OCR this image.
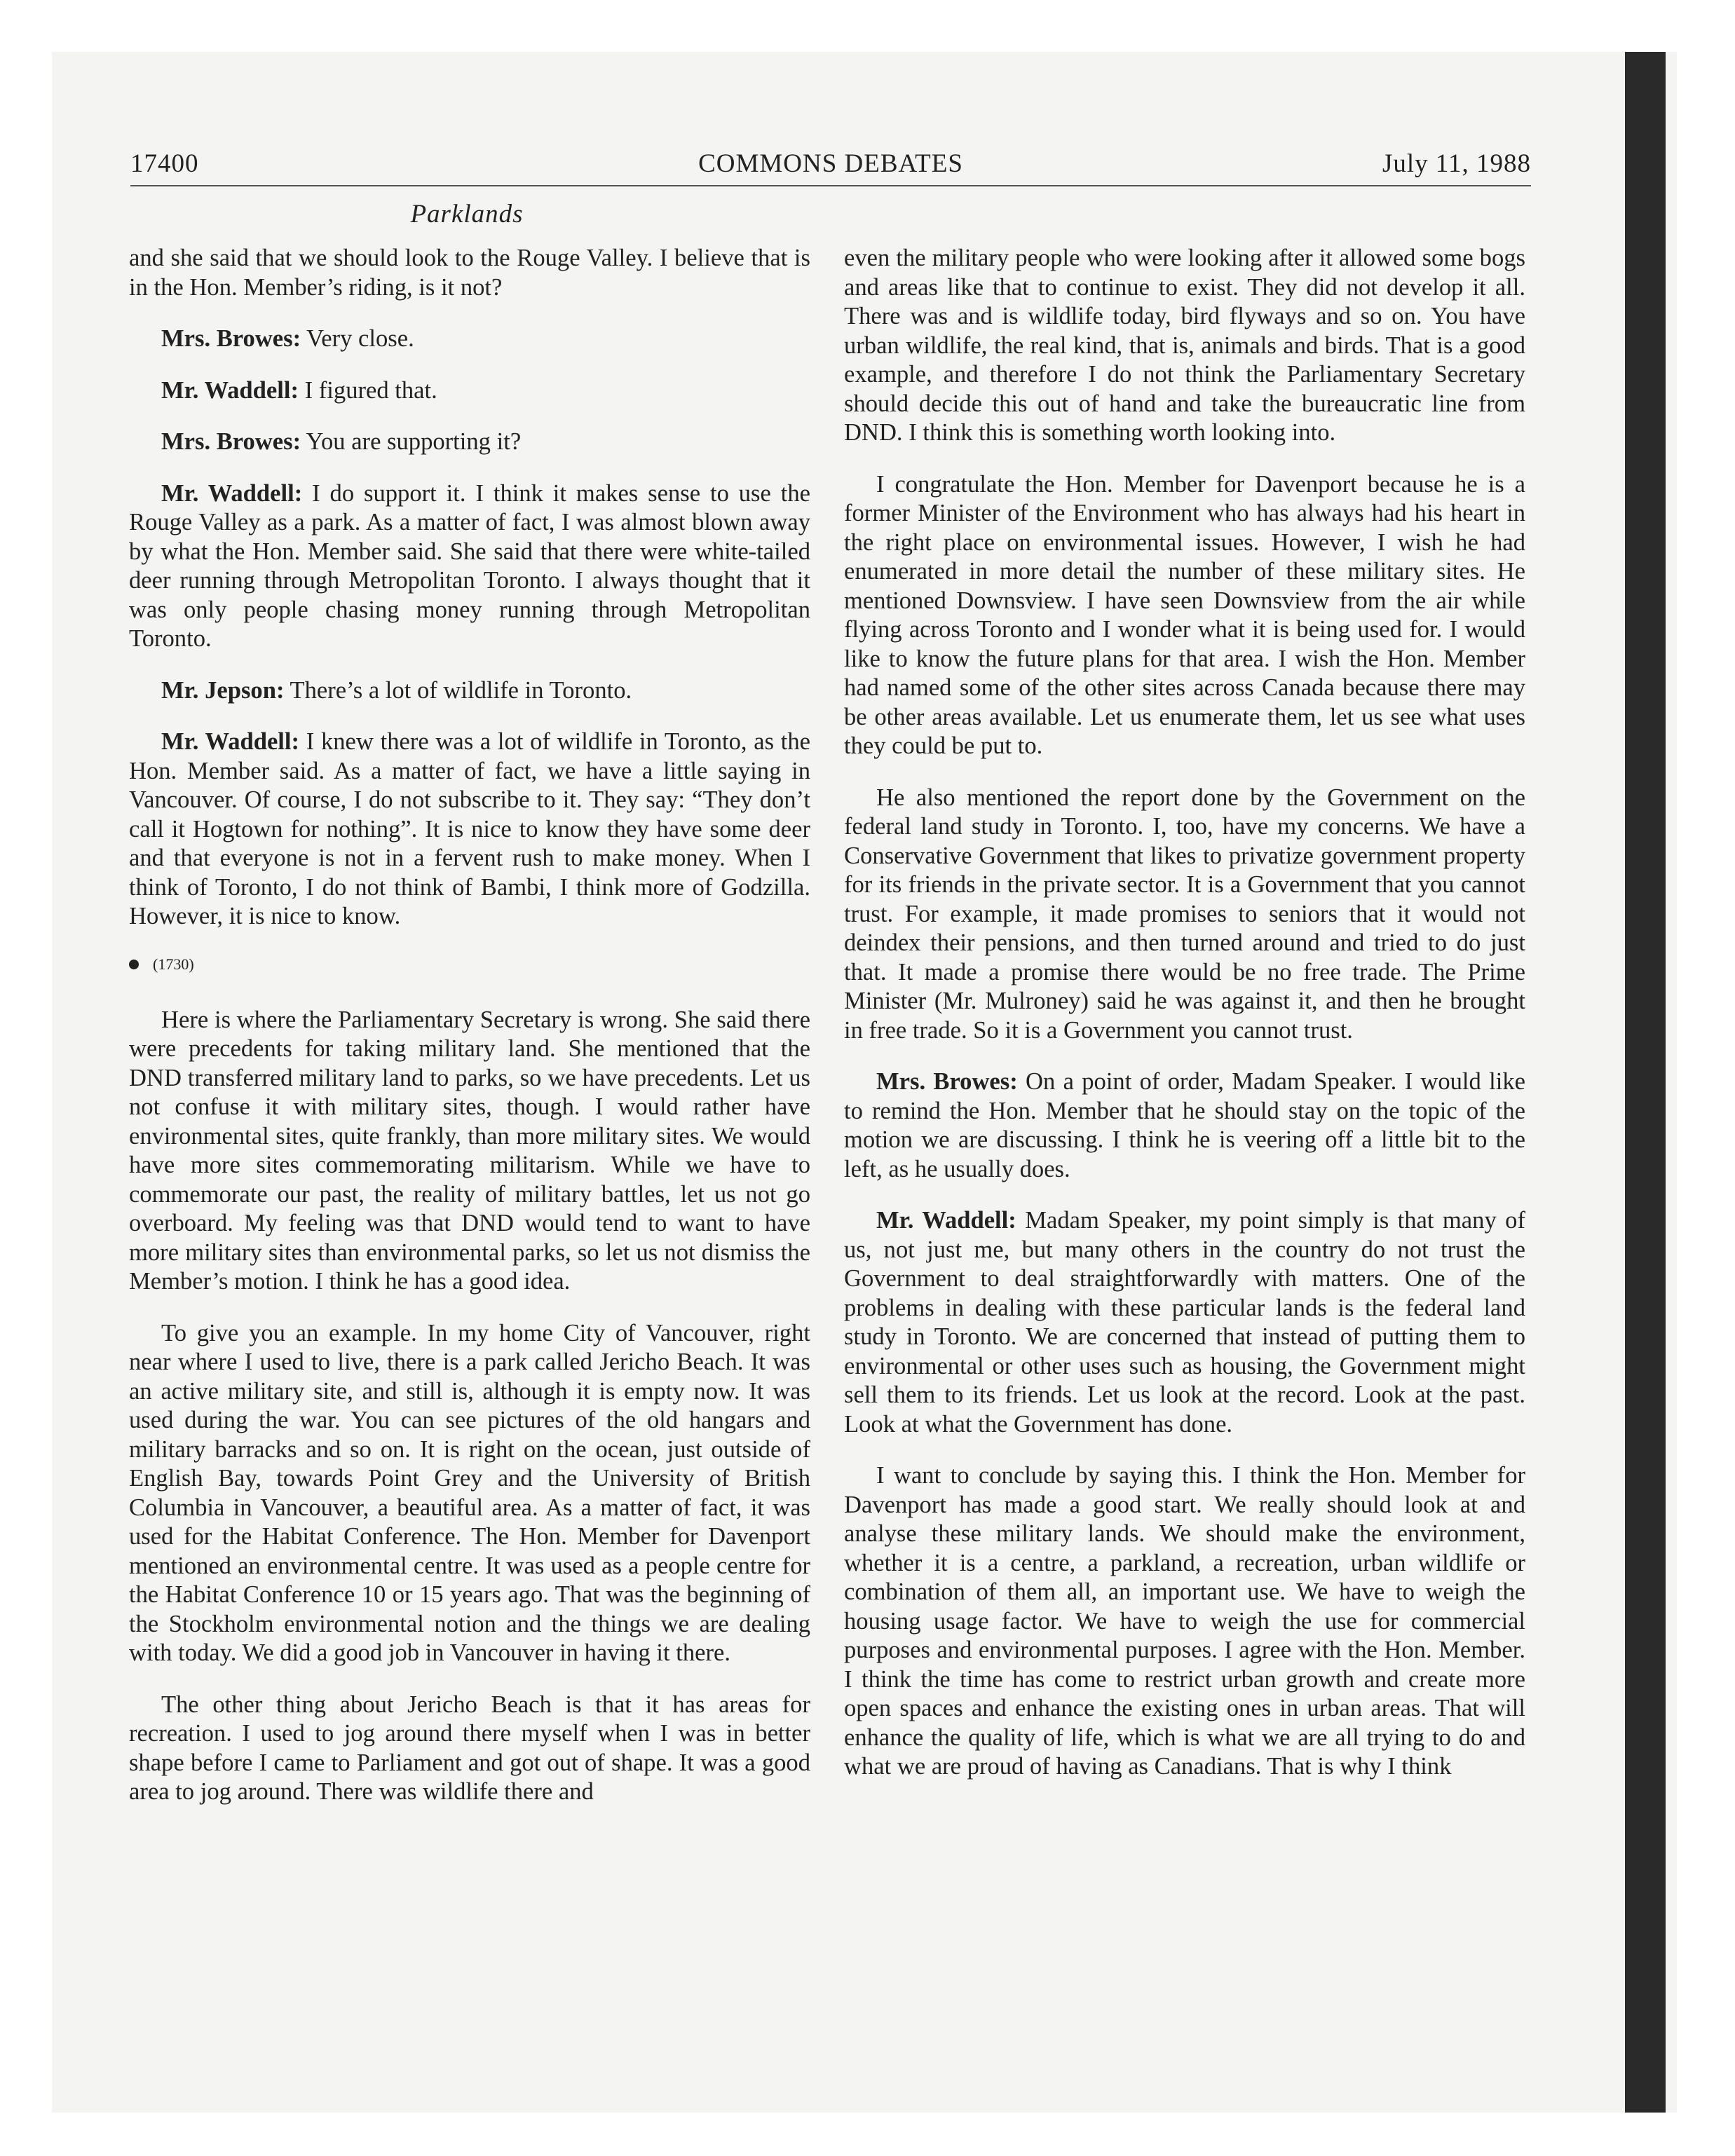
17400	COMMONS DEBATES	July 11, 1988
Parklands

and she said that we should look to the Rouge Valley. I believe that is in the Hon. Member’s riding, is it not?

Mrs. Browes: Very close.

Mr. Waddell: I figured that.

Mrs. Browes: You are supporting it?

Mr. Waddell: I do support it. I think it makes sense to use the Rouge Valley as a park. As a matter of fact, I was almost blown away by what the Hon. Member said. She said that there were white-tailed deer running through Metropolitan Toronto. I always thought that it was only people chasing money running through Metropolitan Toronto.

Mr. Jepson: There’s a lot of wildlife in Toronto.

Mr. Waddell: I knew there was a lot of wildlife in Toronto, as the Hon. Member said. As a matter of fact, we have a little saying in Vancouver. Of course, I do not subscribe to it. They say: “They don’t call it Hogtown for nothing”. It is nice to know they have some deer and that everyone is not in a fervent rush to make money. When I think of Toronto, I do not think of Bambi, I think more of Godzilla. However, it is nice to know.

(1730)

Here is where the Parliamentary Secretary is wrong. She said there were precedents for taking military land. She mentioned that the DND transferred military land to parks, so we have precedents. Let us not confuse it with military sites, though. I would rather have environmental sites, quite frankly, than more military sites. We would have more sites commemorating militarism. While we have to commemorate our past, the reality of military battles, let us not go overboard. My feeling was that DND would tend to want to have more military sites than environmental parks, so let us not dismiss the Member’s motion. I think he has a good idea.

To give you an example. In my home City of Vancouver, right near where I used to live, there is a park called Jericho Beach. It was an active military site, and still is, although it is empty now. It was used during the war. You can see pictures of the old hangars and military barracks and so on. It is right on the ocean, just outside of English Bay, towards Point Grey and the University of British Columbia in Vancouver, a beautiful area. As a matter of fact, it was used for the Habitat Conference. The Hon. Member for Davenport mentioned an environmental centre. It was used as a people centre for the Habitat Conference 10 or 15 years ago. That was the beginning of the Stockholm environmental notion and the things we are dealing with today. We did a good job in Vancouver in having it there.

The other thing about Jericho Beach is that it has areas for recreation. I used to jog around there myself when I was in better shape before I came to Parliament and got out of shape. It was a good area to jog around. There was wildlife there and

even the military people who were looking after it allowed some bogs and areas like that to continue to exist. They did not develop it all. There was and is wildlife today, bird flyways and so on. You have urban wildlife, the real kind, that is, animals and birds. That is a good example, and therefore I do not think the Parliamentary Secretary should decide this out of hand and take the bureaucratic line from DND. I think this is something worth looking into.

I congratulate the Hon. Member for Davenport because he is a former Minister of the Environment who has always had his heart in the right place on environmental issues. However, I wish he had enumerated in more detail the number of these military sites. He mentioned Downsview. I have seen Downsview from the air while flying across Toronto and I wonder what it is being used for. I would like to know the future plans for that area. I wish the Hon. Member had named some of the other sites across Canada because there may be other areas available. Let us enumerate them, let us see what uses they could be put to.

He also mentioned the report done by the Government on the federal land study in Toronto. I, too, have my concerns. We have a Conservative Government that likes to privatize government property for its friends in the private sector. It is a Government that you cannot trust. For example, it made promises to seniors that it would not deindex their pensions, and then turned around and tried to do just that. It made a promise there would be no free trade. The Prime Minister (Mr. Mulroney) said he was against it, and then he brought in free trade. So it is a Government you cannot trust.

Mrs. Browes: On a point of order, Madam Speaker. I would like to remind the Hon. Member that he should stay on the topic of the motion we are discussing. I think he is veering off a little bit to the left, as he usually does.

Mr. Waddell: Madam Speaker, my point simply is that many of us, not just me, but many others in the country do not trust the Government to deal straightforwardly with matters. One of the problems in dealing with these particular lands is the federal land study in Toronto. We are concerned that instead of putting them to environmental or other uses such as housing, the Government might sell them to its friends. Let us look at the record. Look at the past. Look at what the Government has done.

I want to conclude by saying this. I think the Hon. Member for Davenport has made a good start. We really should look at and analyse these military lands. We should make the environment, whether it is a centre, a parkland, a recreation, urban wildlife or combination of them all, an important use. We have to weigh the housing usage factor. We have to weigh the use for commercial purposes and environmental purposes. I agree with the Hon. Member. I think the time has come to restrict urban growth and create more open spaces and enhance the existing ones in urban areas. That will enhance the quality of life, which is what we are all trying to do and what we are proud of having as Canadians. That is why I think
